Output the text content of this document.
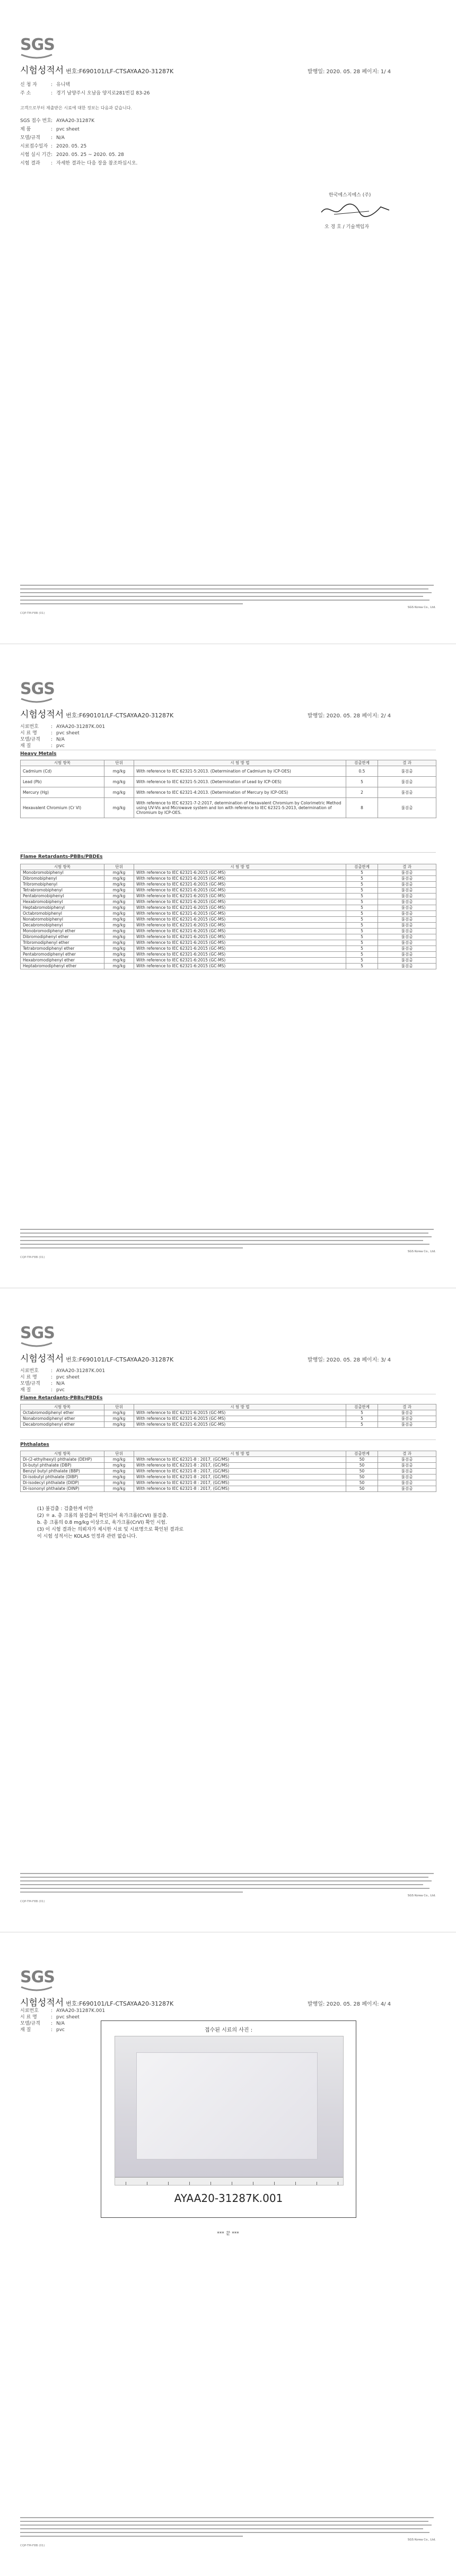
SGS
시험성적서 번호:F690101/LF-CTSAYAA20-31287K	발행일: 2020. 05. 28 페이지: 1/ 4
신 청 자	: 유니텍
주 소	: 경기 남양주시 오남읍 양지로281번길 83-26
고객으로부터 제출받은 시료에 대한 정보는 다음과 같습니다.
SGS 접수 번호: AYAA20-31287K
제 품	: pvc sheet
모델/규격 : N/A
시료접수일자 : 2020. 05. 25
시험 실시 기간: 2020. 05. 25 ~ 2020. 05. 28
시험 결과 : 자세한 결과는 다음 장을 참조하십시오.
한국에스지에스 (주)
오 경 호 / 기술책임자
SGS Korea Co., Ltd.
CQP-TM-F8B (01)
SGS
시험성적서 번호:F690101/LF-CTSAYAA20-31287K	발행일: 2020. 05. 28 페이지: 2/ 4
시료번호	: AYAA20-31287K.001
시 료 명	: pvc sheet
모델/규격 : N/A
재 질	: pvc
Heavy Metals
시험 항목	단위	시 험 방 법	검출한계	결 과
Cadmium (Cd)	mg/kg	With reference to IEC 62321-5:2013. (Determination of Cadmium by ICP-OES)	0.5	불검출
Lead (Pb)	mg/kg	With reference to IEC 62321-5:2013. (Determination of Lead by ICP-OES)	5	불검출
Mercury (Hg)	mg/kg	With reference to IEC 62321-4:2013. (Determination of Mercury by ICP-OES)	2	불검출
Hexavalent Chromium (Cr VI)	mg/kg	With reference to IEC 62321-7-2:2017, determination of Hexavalent Chromium by Colorimetric Method using UV-Vis and Microwave system and Ion with reference to IEC 62321-5:2013, determination of Chromium by ICP-OES.	8	불검출
Flame Retardants-PBBs/PBDEs
시험 항목	단위	시 험 방 법	검출한계	결 과
Monobromobiphenyl	mg/kg	With reference to IEC 62321-6:2015 (GC-MS)	5	불검출
Dibromobiphenyl	mg/kg	With reference to IEC 62321-6:2015 (GC-MS)	5	불검출
Tribromobiphenyl	mg/kg	With reference to IEC 62321-6:2015 (GC-MS)	5	불검출
Tetrabromobiphenyl	mg/kg	With reference to IEC 62321-6:2015 (GC-MS)	5	불검출
Pentabromobiphenyl	mg/kg	With reference to IEC 62321-6:2015 (GC-MS)	5	불검출
Hexabromobiphenyl	mg/kg	With reference to IEC 62321-6:2015 (GC-MS)	5	불검출
Heptabromobiphenyl	mg/kg	With reference to IEC 62321-6:2015 (GC-MS)	5	불검출
Octabromobiphenyl	mg/kg	With reference to IEC 62321-6:2015 (GC-MS)	5	불검출
Nonabromobiphenyl	mg/kg	With reference to IEC 62321-6:2015 (GC-MS)	5	불검출
Decabromobiphenyl	mg/kg	With reference to IEC 62321-6:2015 (GC-MS)	5	불검출
Monobromodiphenyl ether	mg/kg	With reference to IEC 62321-6:2015 (GC-MS)	5	불검출
Dibromodiphenyl ether	mg/kg	With reference to IEC 62321-6:2015 (GC-MS)	5	불검출
Tribromodiphenyl ether	mg/kg	With reference to IEC 62321-6:2015 (GC-MS)	5	불검출
Tetrabromodiphenyl ether	mg/kg	With reference to IEC 62321-6:2015 (GC-MS)	5	불검출
Pentabromodiphenyl ether	mg/kg	With reference to IEC 62321-6:2015 (GC-MS)	5	불검출
Hexabromodiphenyl ether	mg/kg	With reference to IEC 62321-6:2015 (GC-MS)	5	불검출
Heptabromodiphenyl ether	mg/kg	With reference to IEC 62321-6:2015 (GC-MS)	5	불검출
SGS Korea Co., Ltd.
CQP-TM-F8B (01)
SGS
시험성적서 번호:F690101/LF-CTSAYAA20-31287K	발행일: 2020. 05. 28 페이지: 3/ 4
시료번호	: AYAA20-31287K.001
시 료 명	: pvc sheet
모델/규격 : N/A
재 질	: pvc
Flame Retardants-PBBs/PBDEs
시험 항목	단위	시 험 방 법	검출한계	결 과
Octabromodiphenyl ether	mg/kg	With reference to IEC 62321-6:2015 (GC-MS)	5	불검출
Nonabromodiphenyl ether	mg/kg	With reference to IEC 62321-6:2015 (GC-MS)	5	불검출
Decabromodiphenyl ether	mg/kg	With reference to IEC 62321-6:2015 (GC-MS)	5	불검출
Phthalates
시험 항목	단위	시 험 방 법	검출한계	결 과
Di-(2-ethylhexyl) phthalate (DEHP)	mg/kg	With reference to IEC 62321-8 : 2017, (GC/MS)	50	불검출
Di-butyl phthalate (DBP)	mg/kg	With reference to IEC 62321-8 : 2017, (GC/MS)	50	불검출
Benzyl butyl phthalate (BBP)	mg/kg	With reference to IEC 62321-8 : 2017, (GC/MS)	50	불검출
Di-isobutyl phthalate (DIBP)	mg/kg	With reference to IEC 62321-8 : 2017, (GC/MS)	50	불검출
Di-isodecyl phthalate (DIDP)	mg/kg	With reference to IEC 62321-8 : 2017, (GC/MS)	50	불검출
Di-isononyl phthalate (DINP)	mg/kg	With reference to IEC 62321-8 : 2017, (GC/MS)	50	불검출
(1) 불검출 : 검출한계 미만
(2) ＊ a. 총 크롬의 불검출이 확인되어 육가크롬(CrVI) 불검출.
b. 총 크롬의 0.8 mg/kg 이상으로, 육가크롬(CrVI) 확인 시험.
(3) 이 시험 결과는 의뢰자가 제시한 시료 및 시료명으로 확인된 결과로
이 시험 성적서는 KOLAS 인정과 관련 없습니다.
SGS Korea Co., Ltd.
CQP-TM-F8B (01)
SGS
시험성적서 번호:F690101/LF-CTSAYAA20-31287K	발행일: 2020. 05. 28 페이지: 4/ 4
시료번호	: AYAA20-31287K.001
시 료 명	: pvc sheet
모델/규격 : N/A
재 질	: pvc
SGS Korea Co., Ltd.
CQP-TM-F8B (01)
접수된 시료의 사진 :
AYAA20-31287K.001
*** 끝 ***
